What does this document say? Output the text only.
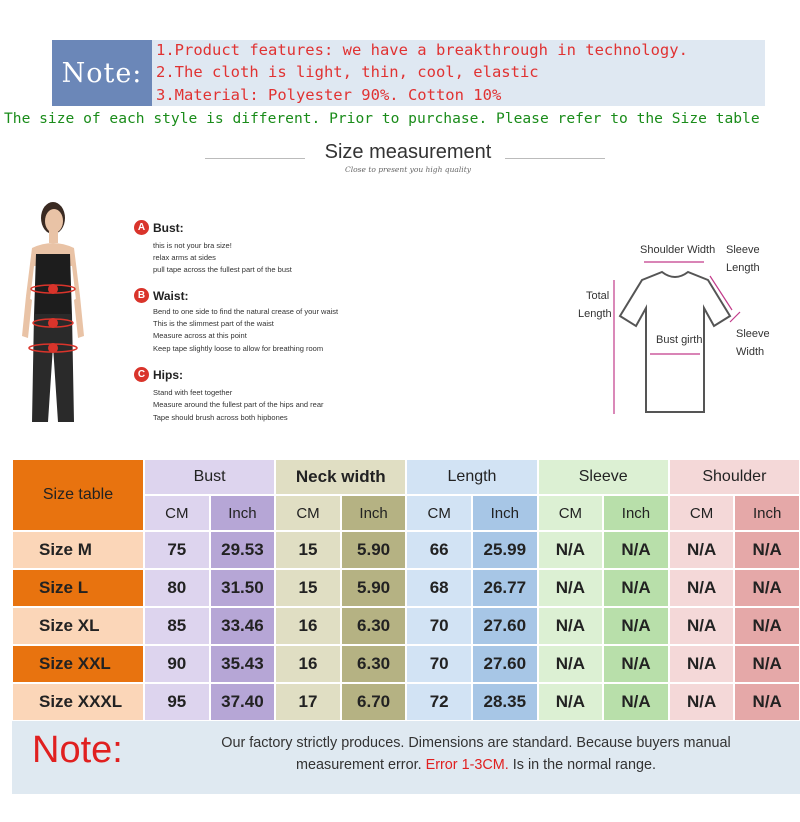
Note:
1.Product features: we have a breakthrough in technology.
2.The cloth is light, thin, cool, elastic
3.Material: Polyester 90%. Cotton 10%
The size of each style is different. Prior to purchase. Please refer to the Size table
Size measurement
Close to present you high quality
A Bust:
this is not your bra size!
relax arms at sides
pull tape across the fullest part of the bust
B Waist:
Bend to one side to find the natural crease of your waist
This is the slimmest part of the waist
Measure across at this point
Keep tape slightly loose to allow for breathing room
C Hips:
Stand with feet together
Measure around the fullest part of the hips and rear
Tape should brush across both hipbones
Shoulder Width Sleeve
Length
Total
Length
Bust girth	Sleeve
Width
Size table
Bust
CM	Inch
Neck width
CM	Inch
Length
CM	Inch
Sleeve
CM	Inch
Shoulder
CM	Inch
Size M	75	29.53	15	5.90	66	25.99	N/A	N/A	N/A	N/A
Size L	80	31.50	15	5.90	68	26.77	N/A	N/A	N/A	N/A
Size XL	85	33.46	16	6.30	70	27.60	N/A	N/A	N/A	N/A
Size XXL	90	35.43	16	6.30	70	27.60	N/A	N/A	N/A	N/A
Size XXXL	95	37.40	17	6.70	72	28.35	N/A	N/A	N/A	N/A
Note:	Our factory strictly produces. Dimensions are standard. Because buyers manual
measurement error. Error 1-3CM. Is in the normal range.
